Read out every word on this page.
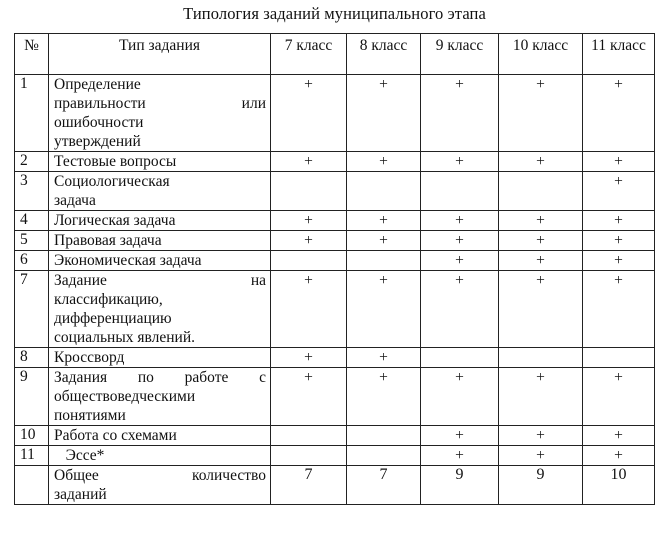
Типология заданий муниципального этапа
№	Тип задания	7 класс	8 класс	9 класс	10 класс	11 класс
1	Определение
правильности или
ошибочности
утверждений	+	+	+	+	+
2	Тестовые вопросы	+	+	+	+	+
3	Социологическая
задача					+
4	Логическая задача	+	+	+	+	+
5	Правовая задача	+	+	+	+	+
6	Экономическая задача			+	+	+
7	Задание на
классификацию,
дифференциацию
социальных явлений.	+	+	+	+	+
8	Кроссворд	+	+			
9	Задания по работе с
обществоведческими
понятиями	+	+	+	+	+
10	Работа со схемами			+	+	+
11	Эссе*			+	+	+

	Общее количество
заданий	7	7	9	9	10
